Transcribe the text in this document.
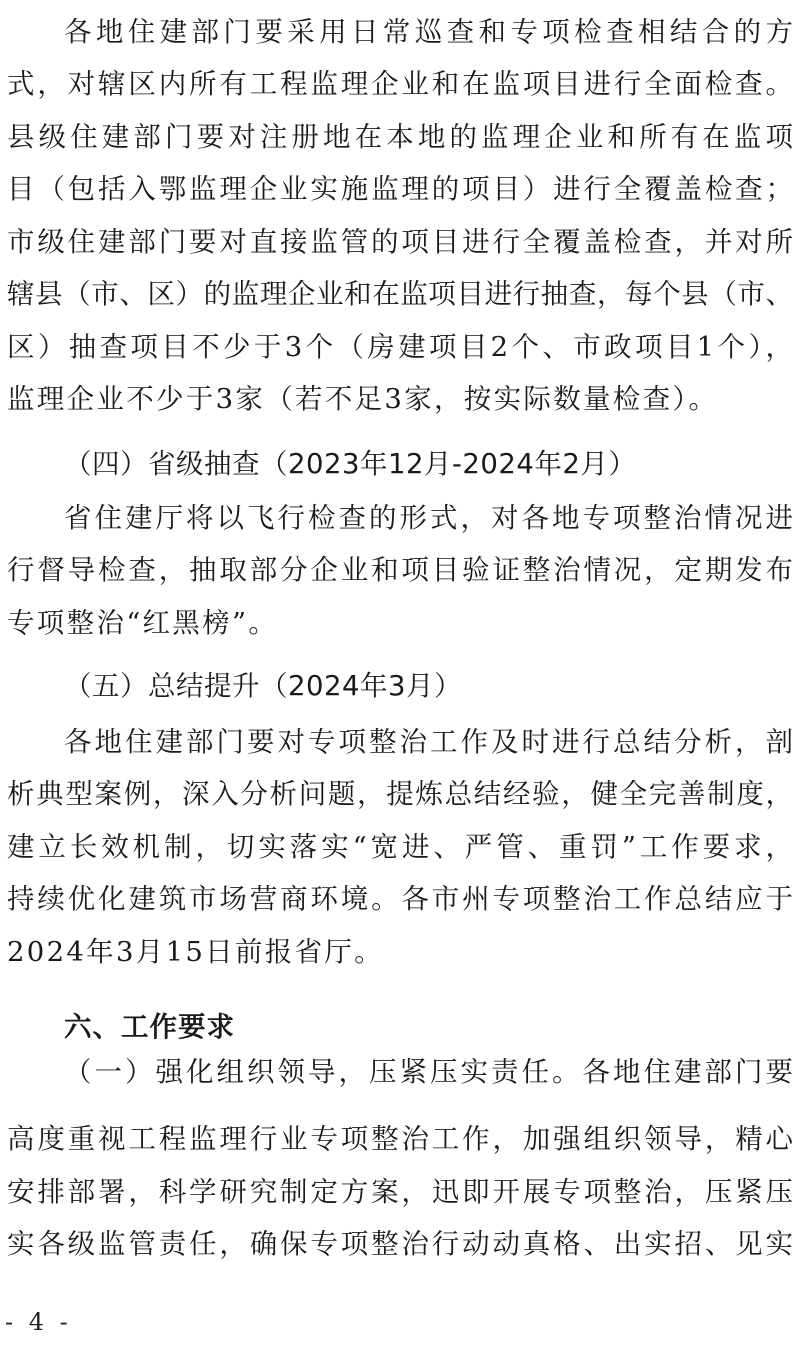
各地住建部门要采用日常巡查和专项检查相结合的方
式，对辖区内所有工程监理企业和在监项目进行全面检查。
县级住建部门要对注册地在本地的监理企业和所有在监项
目（包括入鄂监理企业实施监理的项目）进行全覆盖检查；
市级住建部门要对直接监管的项目进行全覆盖检查，并对所
辖县（市、区）的监理企业和在监项目进行抽查，每个县（市、
区）抽查项目不少于3个（房建项目2个、市政项目1个），
监理企业不少于3家（若不足3家，按实际数量检查）。
（四）省级抽查（2023年12月-2024年2月）
省住建厅将以飞行检查的形式，对各地专项整治情况进
行督导检查，抽取部分企业和项目验证整治情况，定期发布
专项整治“红黑榜”。
（五）总结提升（2024年3月）
各地住建部门要对专项整治工作及时进行总结分析，剖
析典型案例，深入分析问题，提炼总结经验，健全完善制度，
建立长效机制，切实落实“宽进、严管、重罚”工作要求，
持续优化建筑市场营商环境。各市州专项整治工作总结应于
2024年3月15日前报省厅。
六、工作要求
（一）强化组织领导，压紧压实责任。各地住建部门要
高度重视工程监理行业专项整治工作，加强组织领导，精心
安排部署，科学研究制定方案，迅即开展专项整治，压紧压
实各级监管责任，确保专项整治行动动真格、出实招、见实
- 4 -
